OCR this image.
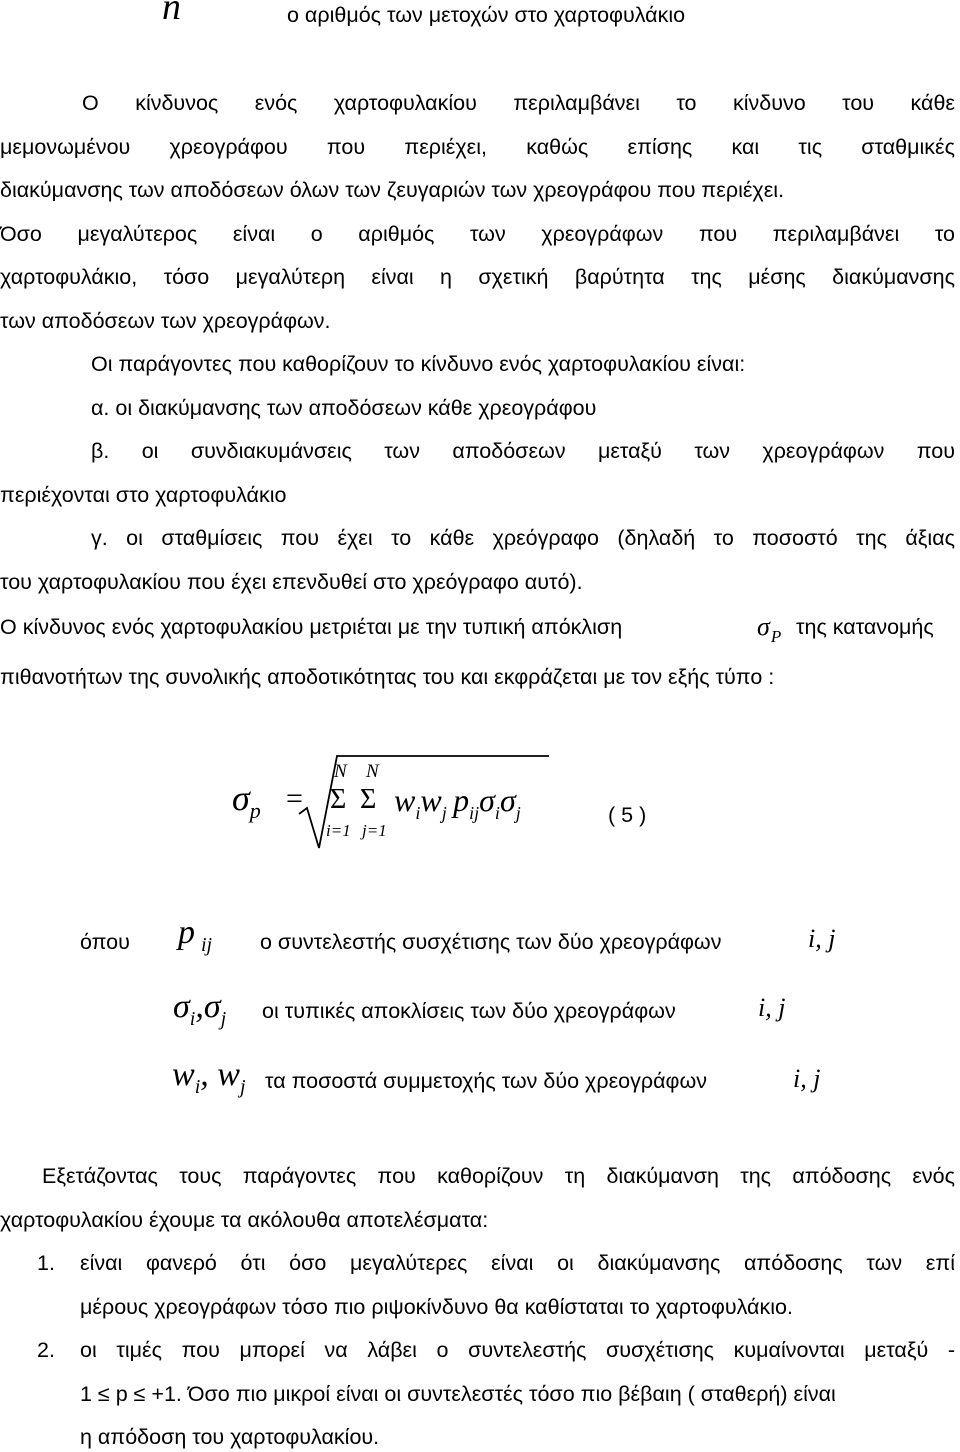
n	ο αριθμός των μετοχών στο χαρτοφυλάκιο
Ο κίνδυνος ενός χαρτοφυλακίου περιλαμβάνει το κίνδυνο του κάθε
μεμονωμένου χρεογράφου που περιέχει, καθώς επίσης και τις σταθμικές
διακύμανσης των αποδόσεων όλων των ζευγαριών των χρεογράφου που περιέχει.
Όσο μεγαλύτερος είναι ο αριθμός των χρεογράφων που περιλαμβάνει το
χαρτοφυλάκιο, τόσο μεγαλύτερη είναι η σχετική βαρύτητα της μέσης διακύμανσης
των αποδόσεων των χρεογράφων.
Οι παράγοντες που καθορίζουν το κίνδυνο ενός χαρτοφυλακίου είναι:
α. οι διακύμανσης των αποδόσεων κάθε χρεογράφου
β. οι συνδιακυμάνσεις των αποδόσεων μεταξύ των χρεογράφων που
περιέχονται στο χαρτοφυλάκιο
γ. οι σταθμίσεις που έχει το κάθε χρεόγραφο (δηλαδή το ποσοστό της άξιας
του χαρτοφυλακίου που έχει επενδυθεί στο χρεόγραφο αυτό).
Ο κίνδυνος ενός χαρτοφυλακίου μετριέται με την τυπική απόκλιση	$\sigma_P$ της κατανομής
πιθανοτήτων της συνολικής αποδοτικότητας του και εκφράζεται με τον εξής τύπο :
$\sigma_p$ =
N N
Σ Σ
i=1 j=1
$w_iw_j$ $p_{ij}\sigma_i\sigma_j$	( 5 )
όπου p $_{ij}$ ο συντελεστής συσχέτισης των δύο χρεογράφων	i, j
$\sigma_i,\sigma_j$ οι τυπικές αποκλίσεις των δύο χρεογράφων	i, j
$w_i$, $w_j$ τα ποσοστά συμμετοχής των δύο χρεογράφων	i, j
Εξετάζοντας τους παράγοντες που καθορίζουν τη διακύμανση της απόδοσης ενός
χαρτοφυλακίου έχουμε τα ακόλουθα αποτελέσματα:
1. είναι φανερό ότι όσο μεγαλύτερες είναι οι διακύμανσης απόδοσης των επί
μέρους χρεογράφων τόσο πιο ριψοκίνδυνο θα καθίσταται το χαρτοφυλάκιο.
2. οι τιμές που μπορεί να λάβει ο συντελεστής συσχέτισης κυμαίνονται μεταξύ -
1 ≤ p ≤ +1. Όσο πιο μικροί είναι οι συντελεστές τόσο πιο βέβαιη ( σταθερή) είναι
η απόδοση του χαρτοφυλακίου.
